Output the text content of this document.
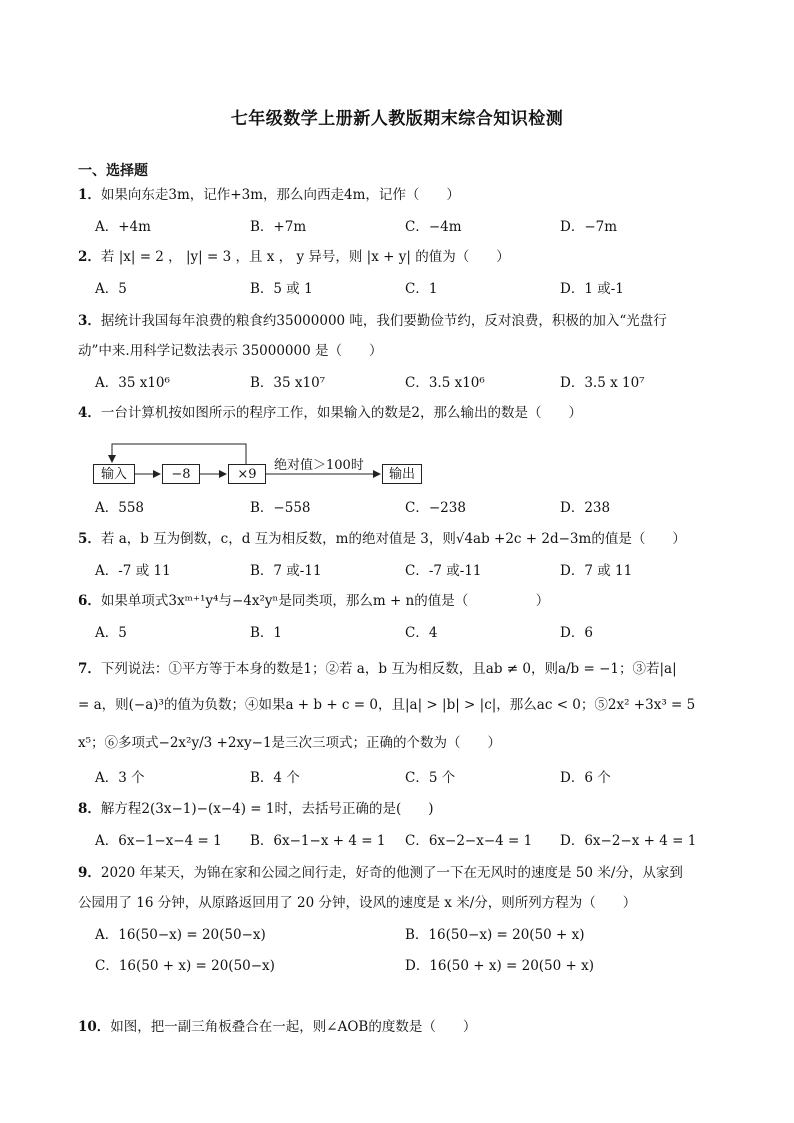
七年级数学上册新人教版期末综合知识检测
一、选择题
1．如果向东走3m，记作+3m，那么向西走4m，记作（　　）
A．+4m	B．+7m	C．−4m	D．−7m
2．若 |x| = 2 ， |y| = 3 ，且 x ， y 异号，则 |x + y| 的值为（　　）
A．5	B．5 或 1	C．1	D．1 或-1
3．据统计我国每年浪费的粮食约35000000 吨，我们要勤俭节约，反对浪费，积极的加入“光盘行
动”中来.用科学记数法表示 35000000 是（　　）
A．35 x10⁶	B．35 x10⁷	C．3.5 x10⁶	D．3.5 x 10⁷
4．一台计算机按如图所示的程序工作，如果输入的数是2，那么输出的数是（　　）
输入	−8	×9
绝对值＞100时
输出
A．558	B．−558	C．−238	D．238
5．若 a，b 互为倒数，c，d 互为相反数，m的绝对值是 3，则√4ab +2c + 2d−3m的值是（　　）
A．-7 或 11	B．7 或-11	C．-7 或-11	D．7 或 11
6．如果单项式3xᵐ⁺¹y⁴与−4x²yⁿ是同类项，那么m + n的值是（　　　　　）
A．5	B．1	C．4	D．6
7．下列说法：①平方等于本身的数是1；②若 a，b 互为相反数，且ab ≠ 0，则a/b = −1；③若|a|
= a，则(−a)³的值为负数；④如果a + b + c = 0，且|a| > |b| > |c|，那么ac < 0；⑤2x² +3x³ = 5
x⁵；⑥多项式−2x²y/3 +2xy−1是三次三项式；正确的个数为（　　）
A．3 个	B．4 个	C．5 个	D．6 个
8．解方程2(3x−1)−(x−4) = 1时，去括号正确的是(　　)
A．6x−1−x−4 = 1 B．6x−1−x + 4 = 1 C．6x−2−x−4 = 1 D．6x−2−x + 4 = 1
9．2020 年某天，为锦在家和公园之间行走，好奇的他测了一下在无风时的速度是 50 米/分，从家到
公园用了 16 分钟，从原路返回用了 20 分钟，设风的速度是 x 米/分，则所列方程为（　　）
A．16(50−x) = 20(50−x)	B．16(50−x) = 20(50 + x)
C．16(50 + x) = 20(50−x)	D．16(50 + x) = 20(50 + x)
10．如图，把一副三角板叠合在一起，则∠AOB的度数是（　　）
